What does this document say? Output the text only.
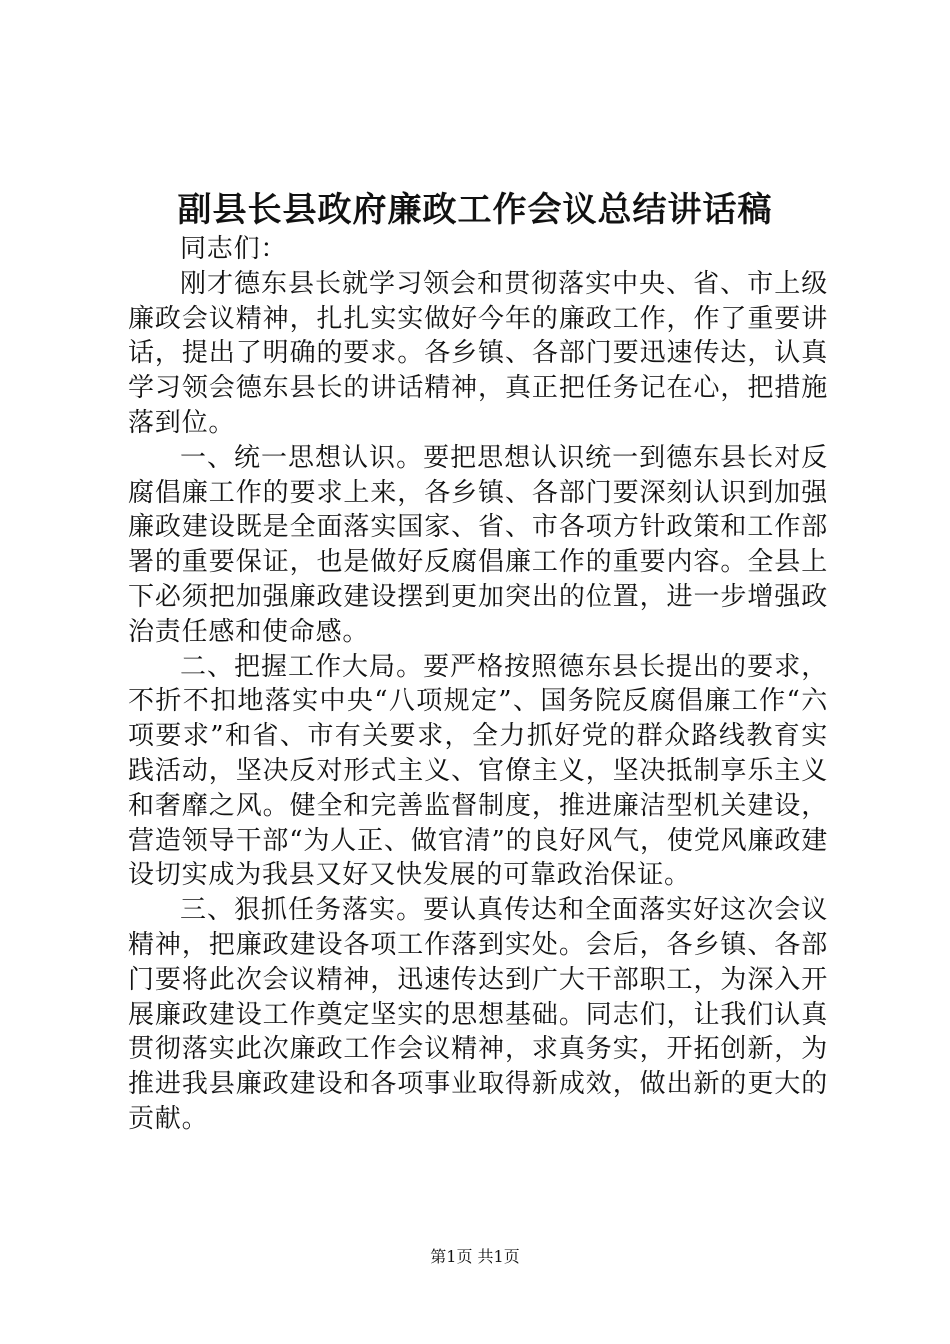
副县长县政府廉政工作会议总结讲话稿

同志们：

刚才德东县长就学习领会和贯彻落实中央、省、市上级廉政会议精神，扎扎实实做好今年的廉政工作，作了重要讲话，提出了明确的要求。各乡镇、各部门要迅速传达，认真学习领会德东县长的讲话精神，真正把任务记在心，把措施落到位。

一、统一思想认识。要把思想认识统一到德东县长对反腐倡廉工作的要求上来，各乡镇、各部门要深刻认识到加强廉政建设既是全面落实国家、省、市各项方针政策和工作部署的重要保证，也是做好反腐倡廉工作的重要内容。全县上下必须把加强廉政建设摆到更加突出的位置，进一步增强政治责任感和使命感。

二、把握工作大局。要严格按照德东县长提出的要求，不折不扣地落实中央“八项规定”、国务院反腐倡廉工作“六项要求”和省、市有关要求，全力抓好党的群众路线教育实践活动，坚决反对形式主义、官僚主义，坚决抵制享乐主义和奢靡之风。健全和完善监督制度，推进廉洁型机关建设，营造领导干部“为人正、做官清”的良好风气，使党风廉政建设切实成为我县又好又快发展的可靠政治保证。

三、狠抓任务落实。要认真传达和全面落实好这次会议精神，把廉政建设各项工作落到实处。会后，各乡镇、各部门要将此次会议精神，迅速传达到广大干部职工，为深入开展廉政建设工作奠定坚实的思想基础。同志们，让我们认真贯彻落实此次廉政工作会议精神，求真务实，开拓创新，为推进我县廉政建设和各项事业取得新成效，做出新的更大的贡献。

第1页 共1页
